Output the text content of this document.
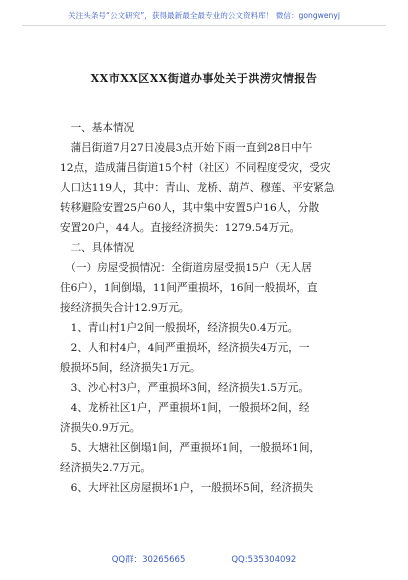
关注头条号“公文研究”，获得最新最全最专业的公文资料库！ 微信：gongwenyj
XX市XX区XX街道办事处关于洪涝灾情报告
　一、基本情况
　蒲吕街道7月27日凌晨3点开始下雨一直到28日中午
12点，造成蒲吕街道15个村（社区）不同程度受灾，受灾
人口达119人，其中：青山、龙桥、葫芦、穆莲、平安紧急
转移避险安置25户60人，其中集中安置5户16人，分散
安置20户，44人。直接经济损失：1279.54万元。
　二、具体情况
　（一）房屋受损情况：全街道房屋受损15户（无人居
住6户），1间倒塌，11间严重损坏，16间一般损坏，直
接经济损失合计12.9万元。
　1、青山村1户2间一般损坏，经济损失0.4万元。
　2、人和村4户，4间严重损坏，经济损失4万元，一
般损坏5间，经济损失1万元。
　3、沙心村3户，严重损坏3间，经济损失1.5万元。
　4、龙桥社区1户，严重损坏1间，一般损坏2间，经
济损失0.9万元。
　5、大塘社区倒塌1间，严重损坏1间，一般损坏1间，
经济损失2.7万元。
　6、大坪社区房屋损坏1户，一般损坏5间，经济损失
QQ群：30265665	QQ:535304092
